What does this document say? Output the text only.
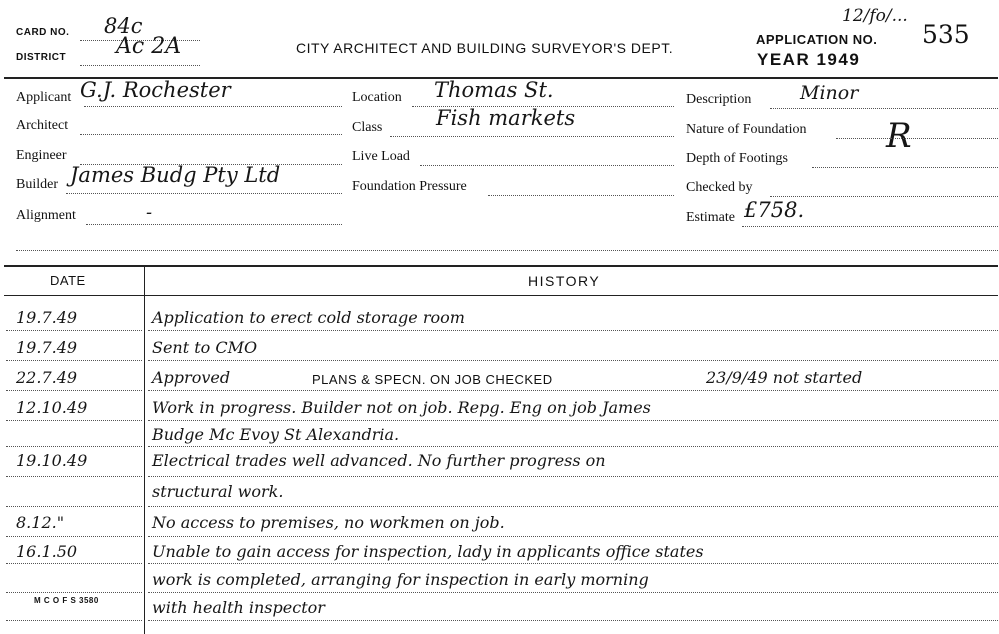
CARD NO. 84c
DISTRICT Ac 2A	CITY ARCHITECT AND BUILDING SURVEYOR'S DEPT.
12/fo/...
APPLICATION NO. 535
YEAR 1949
Applicant G.J. Rochester
Architect
Engineer
Builder James Budg Pty Ltd
Alignment	-
Location Thomas St.
Class	Fish markets
Live Load
Foundation Pressure
Description	Minor
Nature of Foundation R
Depth of Footings
Checked by
Estimate £758.
DATE	HISTORY
19.7.49	Application to erect cold storage room
19.7.49	Sent to CMO
22.7.49	Approved	23/9/49 not started
12.10.49	Work in progress. Builder not on job. Repg. Eng on job James
Budge Mc Evoy St Alexandria.
19.10.49	Electrical trades well advanced. No further progress on
structural work.
8.12."	No access to premises, no workmen on job.
16.1.50	Unable to gain access for inspection, lady in applicants office states
work is completed, arranging for inspection in early morning
with health inspector
PLANS & SPECN. ON JOB CHECKED
M C O F S 3580
